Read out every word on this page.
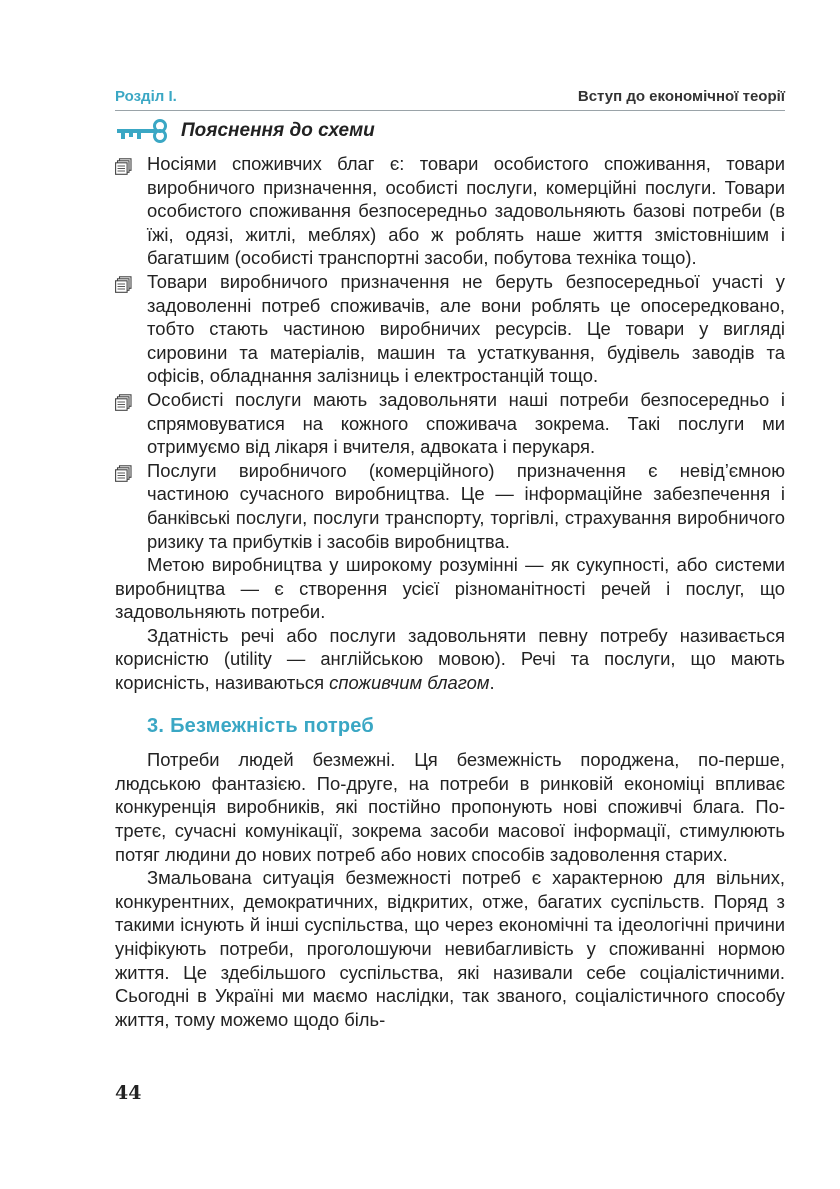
Розділ І.	Вступ до економічної теорії
Пояснення до схеми

Носіями споживчих благ є: товари особистого споживання, товари виробничого призначення, особисті послуги, комерційні послуги. Товари особистого споживання безпосередньо задовольняють базові потреби (в їжі, одязі, житлі, меблях) або ж роблять наше життя змістовнішим і багатшим (особисті транспортні засоби, побутова техніка тощо).

Товари виробничого призначення не беруть безпосередньої участі у задоволенні потреб споживачів, але вони роблять це опосередковано, тобто стають частиною виробничих ресурсів. Це товари у вигляді сировини та матеріалів, машин та устаткування, будівель заводів та офісів, обладнання залізниць і електростанцій тощо.

Особисті послуги мають задовольняти наші потреби безпосередньо і спрямовуватися на кожного споживача зокрема. Такі послуги ми отримуємо від лікаря і вчителя, адвоката і перукаря.

Послуги виробничого (комерційного) призначення є невід’ємною частиною сучасного виробництва. Це — інформаційне забезпечення і банківські послуги, послуги транспорту, торгівлі, страхування виробничого ризику та прибутків і засобів виробництва.

Метою виробництва у широкому розумінні — як сукупності, або системи виробництва — є створення усієї різноманітності речей і послуг, що задовольняють потреби.

Здатність речі або послуги задовольняти певну потребу називається корисністю (utility — англійською мовою). Речі та послуги, що мають корисність, називаються споживчим благом.

3. Безмежність потреб

Потреби людей безмежні. Ця безмежність породжена, по-перше, людською фантазією. По-друге, на потреби в ринковій економіці впливає конкуренція виробників, які постійно пропонують нові споживчі блага. По-третє, сучасні комунікації, зокрема засоби масової інформації, стимулюють потяг людини до нових потреб або нових способів задоволення старих.

Змальована ситуація безмежності потреб є характерною для вільних, конкурентних, демократичних, відкритих, отже, багатих суспільств. Поряд з такими існують й інші суспільства, що через економічні та ідеологічні причини уніфікують потреби, проголошуючи невибагливість у споживанні нормою життя. Це здебільшого суспільства, які називали себе соціалістичними. Сьогодні в Україні ми маємо наслідки, так званого, соціалістичного способу життя, тому можемо щодо біль-

44
